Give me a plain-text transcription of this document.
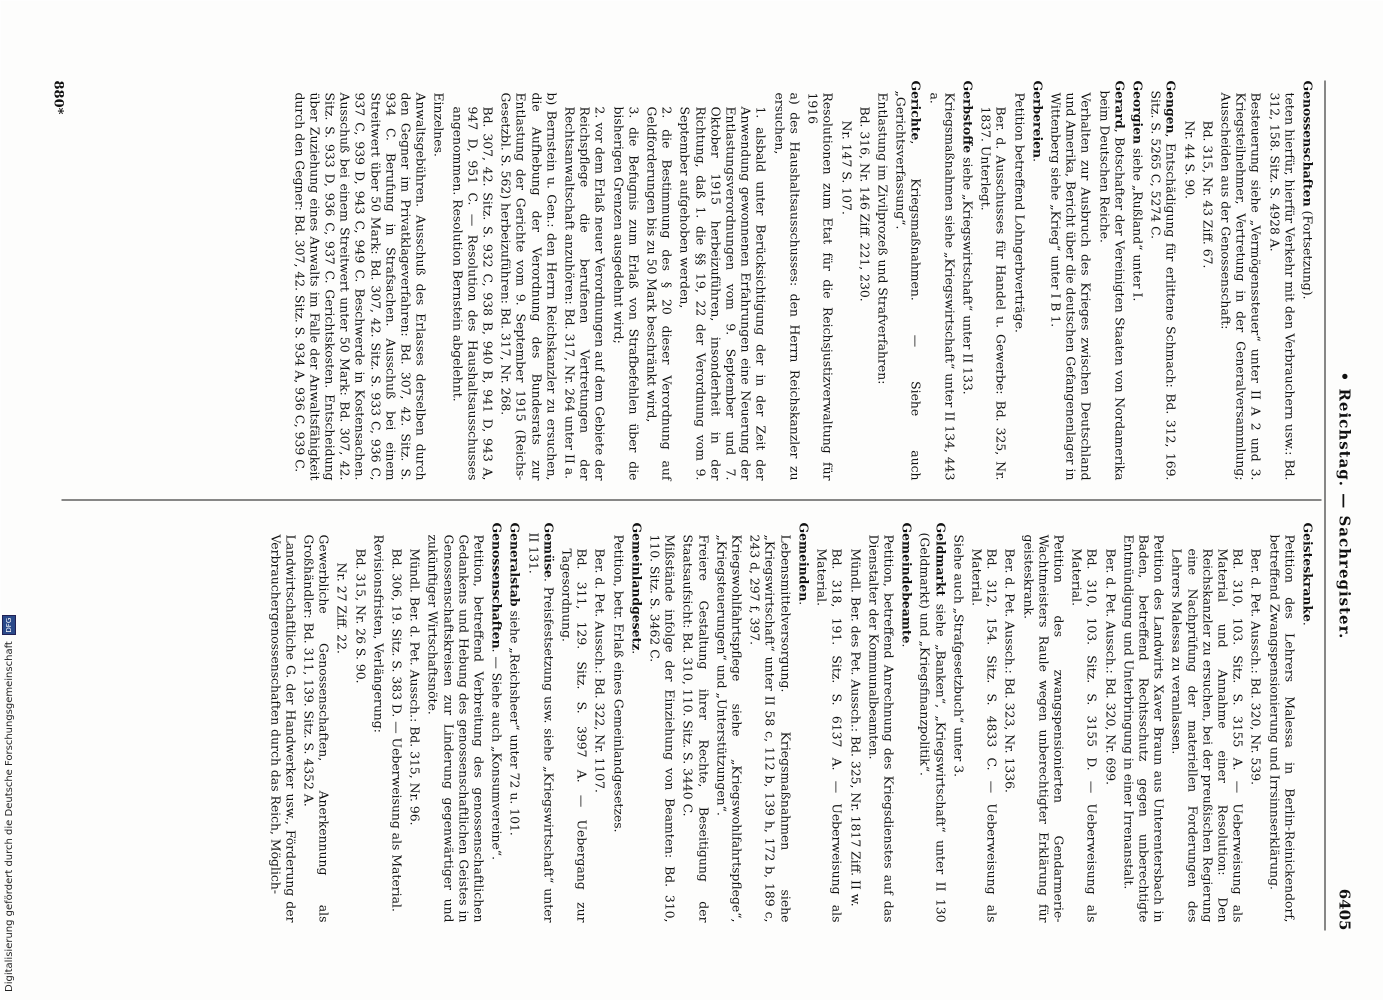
• Reichstag. — Sachregister.
6405

Genossenschaften (Fortsetzung).

teten hierfür, hierfür Verkehr mit den Verbrauchern usw.: Bd. 312, 158. Sitz. S. 4928 A.

Besteuerung siehe „Vermögenssteuer“ unter II A 2 und 3. Kriegsteilnehmer, Vertretung in der Generalversammlung; Ausscheiden aus der Genossenschaft:

Bd. 315, Nr. 43 Ziff. 67.

Nr. 44 S. 90.

Gengen, Entschädigung für erlittene Schmach: Bd. 312, 169. Sitz. S. 5265 C, 5274 C.

Georgien siehe „Rußland“ unter I.

Gerard, Botschafter der Vereinigten Staaten von Nordamerika beim Deutschen Reiche.

Verhalten zur Ausbruch des Krieges zwischen Deutschland und Amerika, Bericht über die deutschen Gefangenenlager in Wittenberg siehe „Krieg“ unter I B 1.

Gerbereien.

Petition betreffend Lohngerbverträge.

Ber. d. Ausschusses für Handel u. Gewerbe: Bd. 325, Nr. 1837. Unterlegt.

Gerbstoffe siehe „Kriegswirtschaft“ unter II 133.

Kriegsmaßnahmen siehe „Kriegswirtschaft“ unter II 134, 443 a.

Gerichte, Kriegsmaßnahmen. — Siehe auch „Gerichtsverfassung“.

Entlastung im Zivilprozeß und Strafverfahren:

Bd. 316, Nr. 146 Ziff. 221, 230.

Nr. 147 S. 107.

Resolutionen zum Etat für die Reichsjustizverwaltung für 1916

a) des Haushaltsausschusses: den Herrn Reichskanzler zu ersuchen,

1. alsbald unter Berücksichtigung der in der Zeit der Anwendung gewonnenen Erfahrungen eine Neuerung der Entlastungsverordnungen vom 9. September und 7. Oktober 1915 herbeizuführen, insonderheit in der Richtung, daß 1. die §§ 19, 22 der Verordnung vom 9. September aufgehoben werden,

2. die Bestimmung des § 20 dieser Verordnung auf Geldforderungen bis zu 50 Mark beschränkt wird,

3. die Befugnis zum Erlaß von Strafbefehlen über die bisherigen Grenzen ausgedehnt wird;

2. vor dem Erlaß neuer Verordnungen auf dem Gebiete der Reichspflege die berufenen Vertretungen der Rechtsanwaltschaft anzuhören: Bd. 317, Nr. 264 unter II a.

b) Bernstein u. Gen.: den Herrn Reichskanzler zu ersuchen, die Aufhebung der Verordnung des Bundesrats zur Entlastung der Gerichte vom 9. September 1915 (Reichs-Gesetzbl. S. 562) herbeizuführen: Bd. 317, Nr. 268.

Bd. 307, 42. Sitz. S. 932 C, 938 B, 940 B, 941 D, 943 A, 947 D, 951 C. — Resolution des Haushaltsausschusses angenommen. Resolution Bernstein abgelehnt.

Einzelnes.

Anwaltsgebühren. Ausschuß des Erlasses derselben durch den Gegner im Privatklageverfahren: Bd. 307, 42. Sitz. S. 934 C. Berufung in Strafsachen. Ausschuß bei einem Streitwert über 50 Mark: Bd. 307, 42. Sitz. S. 933 C, 936 C, 937 C, 939 D, 943 C, 949 C. Beschwerde in Kostensachen. Ausschuß bei einem Streitwert unter 50 Mark: Bd. 307, 42. Sitz. S. 933 D, 936 C, 937 C. Gerichtskosten. Entscheidung über Zuziehung eines Anwalts im Falle der Anwaltsfähigkeit durch den Gegner: Bd. 307, 42. Sitz. S. 934 A, 936 C, 939 C.

Geisteskranke.

Petition des Lehrers Malessa in Berlin-Reinickendorf, betreffend Zwangspensionierung und Irrsinnserklärung.

Ber. d. Pet. Aussch.: Bd. 320, Nr. 539.

Bd. 310, 103. Sitz. S. 3155 A. — Ueberweisung als Material und Annahme einer Resolution: Den Reichskanzler zu ersuchen, bei der preußischen Regierung eine Nachprüfung der materiellen Forderungen des Lehrers Malessa zu veranlassen.

Petition des Landwirts Xaver Braun aus Unterentersbach in Baden, betreffend Rechtsschutz gegen unberechtigte Entmündigung und Unterbringung in einer Irrenanstalt.

Ber. d. Pet. Aussch.: Bd. 320, Nr. 699.

Bd. 310, 103. Sitz. S. 3155 D. — Ueberweisung als Material.

Petition des zwangspensionierten Gendarmerie-Wachtmeisters Raule wegen unberechtigter Erklärung für geisteskrank.

Ber. d. Pet. Aussch.: Bd. 323, Nr. 1336.

Bd. 312, 154. Sitz. S. 4833 C. — Ueberweisung als Material.

Siehe auch „Strafgesetzbuch“ unter 3.

Geldmarkt siehe „Banken“, „Kriegswirtschaft“ unter II 130 (Geldmarkt) und „Kriegsfinanzpolitik“.

Gemeindebeamte.

Petition, betreffend Anrechnung des Kriegsdienstes auf das Dienstalter der Kommunalbeamten.

Mündl. Ber. des Pet. Aussch.: Bd. 325, Nr. 1817 Ziff. II w.

Bd. 318, 191. Sitz. S. 6137 A. — Ueberweisung als Material.

Gemeinden.

Lebensmittelversorgung. Kriegsmaßnahmen siehe „Kriegswirtschaft“ unter II 58 c, 112 b, 139 h, 172 b, 189 c, 243 d, 297 f, 397.

Kriegswohlfahrtspflege siehe „Kriegswohlfahrtspflege“, „Kriegsteuerungen“ und „Unterstützungen“.

Freiere Gestaltung ihrer Rechte, Beseitigung der Staatsaufsicht: Bd. 310, 110. Sitz. S. 3440 C.

Mißstände infolge der Einziehung von Beamten: Bd. 310, 110. Sitz. S. 3462 C.

Gemeinlandgesetz.

Petition, betr. Erlaß eines Gemeinlandgesetzes.

Ber. d. Pet. Aussch.: Bd. 322, Nr. 1107.

Bd. 311, 129. Sitz. S. 3997 A. — Uebergang zur Tagesordnung.

Gemüse. Preisfestsetzung usw. siehe „Kriegswirtschaft“ unter II 131.

Generalstab siehe „Reichsheer“ unter 72 u. 101.

Genossenschaften. — Siehe auch „Konsumvereine“.

Petition, betreffend Verbreitung des genossenschaftlichen Gedankens und Hebung des genossenschaftlichen Geistes in Genossenschaftskreisen zur Linderung gegenwärtiger und zukünftiger Wirtschaftsnöte.

Mündl. Ber. d. Pet. Aussch.: Bd. 315, Nr. 96.

Bd. 306, 19. Sitz. S. 383 D. — Ueberweisung als Material.

Revisionsfristen, Verlängerung:

Bd. 315, Nr. 26 S. 90.

Nr. 27 Ziff. 22.

Gewerbliche Genossenschaften, Anerkennung als Großhändler: Bd. 311, 139. Sitz. S. 4352 A.

Landwirtschaftliche G. der Handwerker usw., Förderung der Verbrauchergenossenschaften durch das Reich, Möglich-

880*
Digitalisierung gefördert durch die Deutsche Forschungsgemeinschaft
DFG
